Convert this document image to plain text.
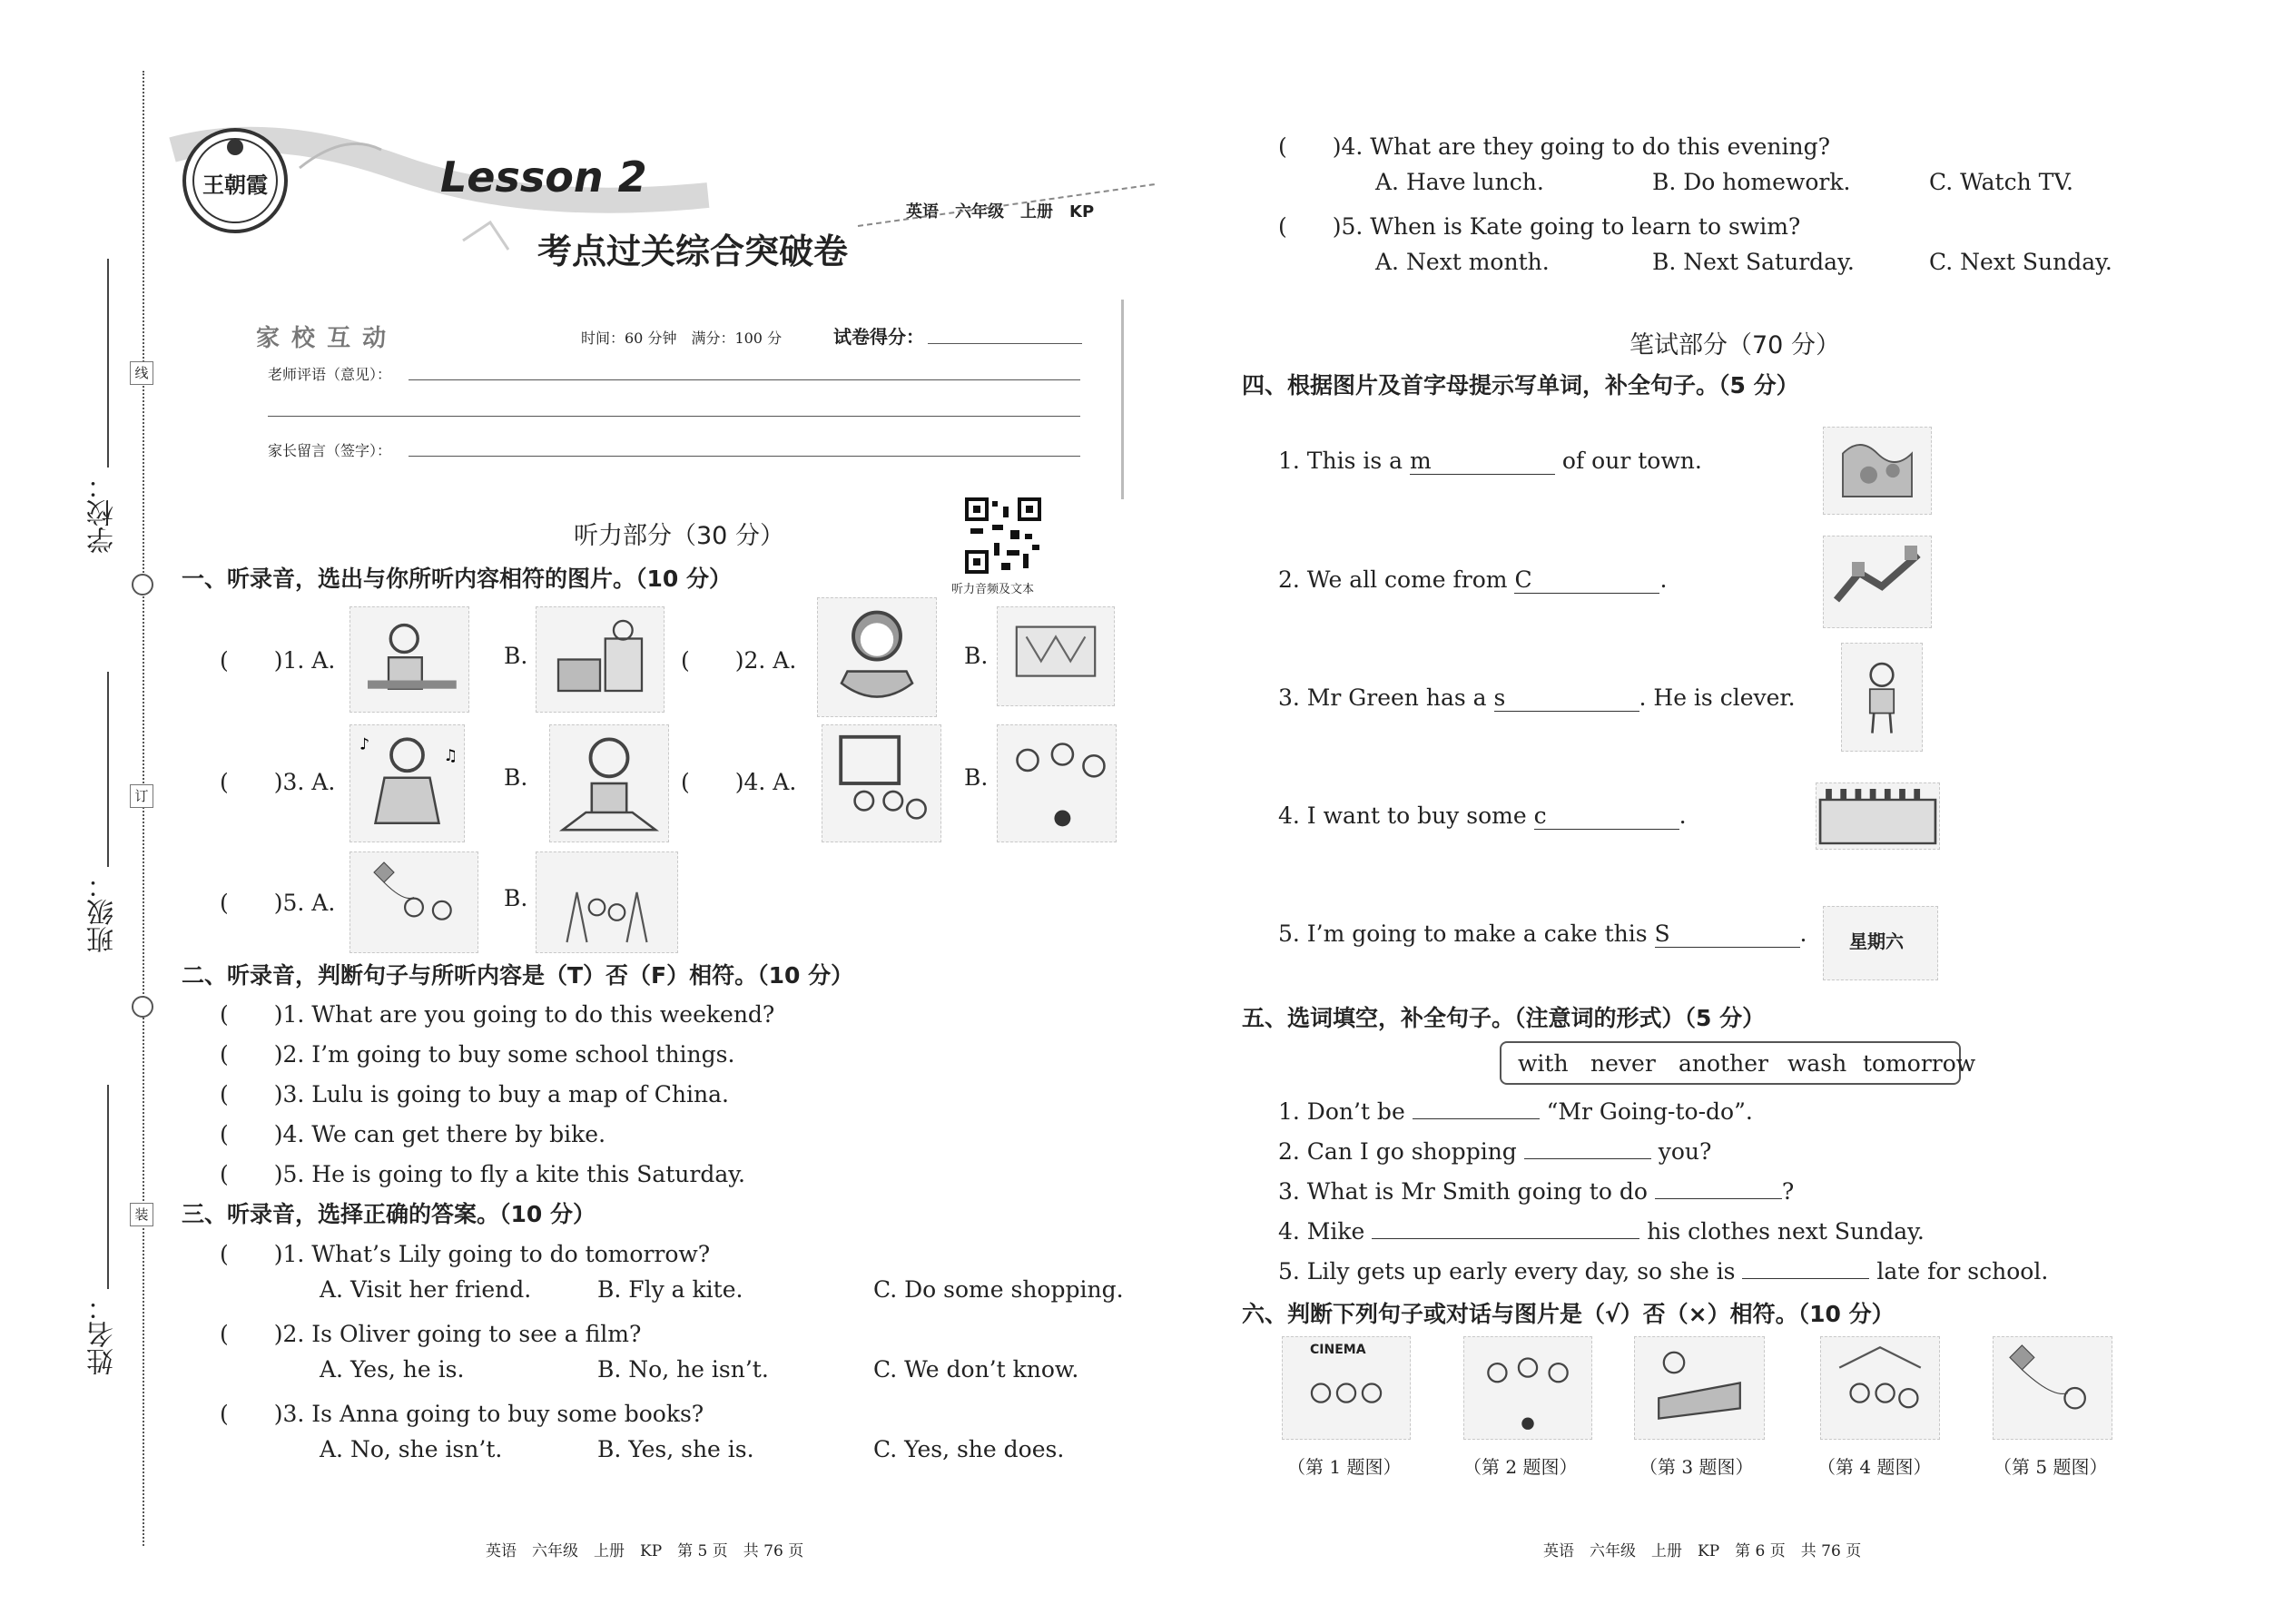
学校：
班级：
姓名：
线
订
装
王朝霞	Lesson 2
考点过关综合突破卷
英语　六年级　上册　KP
家 校 互 动	时间：60 分钟　满分：100 分	试卷得分：
老师评语（意见）：
家长留言（签字）：
听力音频及文本
听力部分（30 分）
一、听录音，选出与你所听内容相符的图片。（10 分）
(　　)1. A.	B.	(　　)2. A.	B.
(　　)3. A.
♪
♫
B.	(　　)4. A.	B.
(　　)5. A.	B.
二、听录音，判断句子与所听内容是（T）否（F）相符。（10 分）
(　　)1. What are you going to do this weekend?
(　　)2. I’m going to buy some school things.
(　　)3. Lulu is going to buy a map of China.
(　　)4. We can get there by bike.
(　　)5. He is going to fly a kite this Saturday.
三、听录音，选择正确的答案。（10 分）
(　　)1. What’s Lily going to do tomorrow?
A. Visit her friend.	B. Fly a kite.	C. Do some shopping.
(　　)2. Is Oliver going to see a film?
A. Yes, he is.	B. No, he isn’t.	C. We don’t know.
(　　)3. Is Anna going to buy some books?
A. No, she isn’t.	B. Yes, she is.	C. Yes, she does.
英语　六年级　上册　KP　第 5 页　共 76 页
(　　)4. What are they going to do this evening?
A. Have lunch.	B. Do homework.	C. Watch TV.
(　　)5. When is Kate going to learn to swim?
A. Next month.	B. Next Saturday.	C. Next Sunday.
笔试部分（70 分）
四、根据图片及首字母提示写单词，补全句子。（5 分）
1. This is a m	of our town.
2. We all come from C	.
3. Mr Green has a s	. He is clever.
4. I want to buy some c	.
5. I’m going to make a cake this S	. 星期六
五、选词填空，补全句子。（注意词的形式）（5 分）
with never another wash tomorrow
1. Don’t be	“Mr Going-to-do”.
2. Can I go shopping	you?
3. What is Mr Smith going to do	?
4. Mike	his clothes next Sunday.
5. Lily gets up early every day, so she is	late for school.
六、判断下列句子或对话与图片是（√）否（×）相符。（10 分）
CINEMA
（第 1 题图）	（第 2 题图）	（第 3 题图）	（第 4 题图）	（第 5 题图）
英语　六年级　上册　KP　第 6 页　共 76 页
